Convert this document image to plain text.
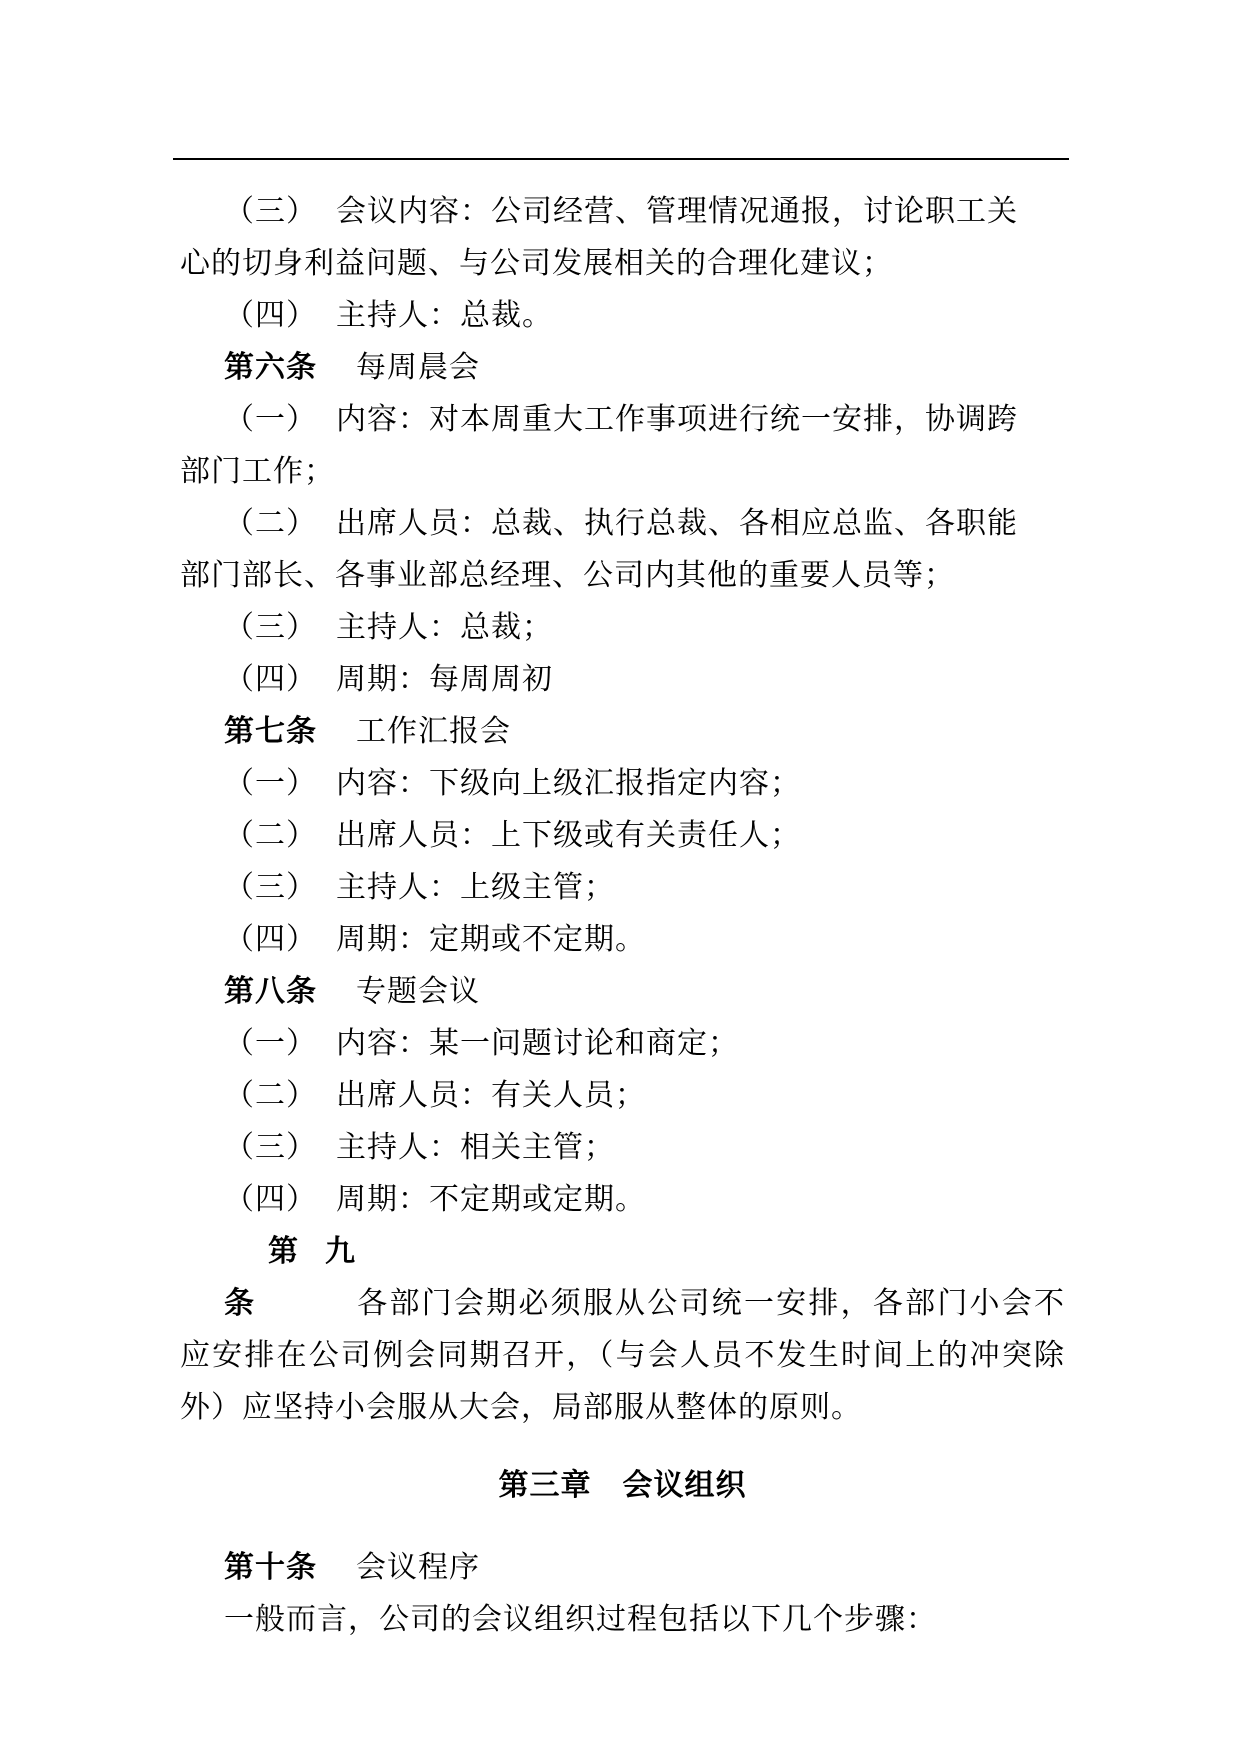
（三） 会议内容：公司经营、管理情况通报，讨论职工关
心的切身利益问题、与公司发展相关的合理化建议；
（四） 主持人：总裁。
第六条 每周晨会
（一） 内容：对本周重大工作事项进行统一安排，协调跨
部门工作；
（二） 出席人员：总裁、执行总裁、各相应总监、各职能
部门部长、各事业部总经理、公司内其他的重要人员等；
（三） 主持人：总裁；
（四） 周期：每周周初
第七条 工作汇报会
（一） 内容：下级向上级汇报指定内容；
（二） 出席人员：上下级或有关责任人；
（三） 主持人：上级主管；
（四） 周期：定期或不定期。
第八条 专题会议
（一） 内容：某一问题讨论和商定；
（二） 出席人员：有关人员；
（三） 主持人：相关主管；
（四） 周期：不定期或定期。
第九条	各部门会期必须服从公司统一安排，各部门小会不应安排在公司例会同期召开，（与会人员不发生时间上的冲突除外）应坚持小会服从大会，局部服从整体的原则。
第三章　会议组织
第十条 会议程序
一般而言，公司的会议组织过程包括以下几个步骤：
